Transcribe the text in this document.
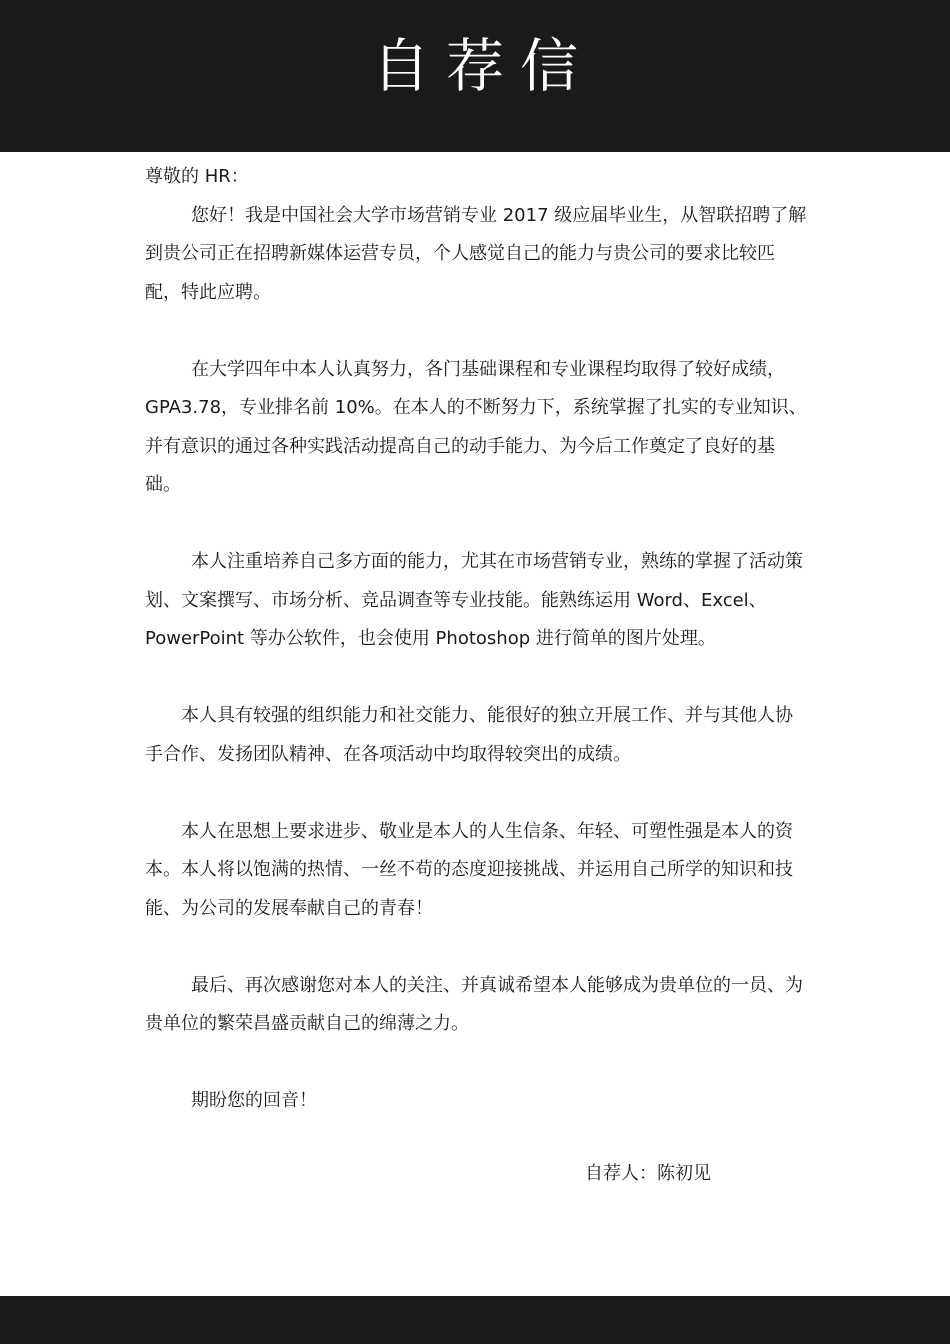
自荐信

尊敬的 HR：

您好！我是中国社会大学市场营销专业 2017 级应届毕业生，从智联招聘了解到贵公司正在招聘新媒体运营专员，个人感觉自己的能力与贵公司的要求比较匹配，特此应聘。

在大学四年中本人认真努力，各门基础课程和专业课程均取得了较好成绩，GPA3.78，专业排名前 10%。在本人的不断努力下，系统掌握了扎实的专业知识、并有意识的通过各种实践活动提高自己的动手能力、为今后工作奠定了良好的基础。

本人注重培养自己多方面的能力，尤其在市场营销专业，熟练的掌握了活动策划、文案撰写、市场分析、竞品调查等专业技能。能熟练运用 Word、Excel、PowerPoint 等办公软件，也会使用 Photoshop 进行简单的图片处理。

本人具有较强的组织能力和社交能力、能很好的独立开展工作、并与其他人协手合作、发扬团队精神、在各项活动中均取得较突出的成绩。

本人在思想上要求进步、敬业是本人的人生信条、年轻、可塑性强是本人的资本。本人将以饱满的热情、一丝不苟的态度迎接挑战、并运用自己所学的知识和技能、为公司的发展奉献自己的青春！

最后、再次感谢您对本人的关注、并真诚希望本人能够成为贵单位的一员、为贵单位的繁荣昌盛贡献自己的绵薄之力。

期盼您的回音！

自荐人：陈初见
